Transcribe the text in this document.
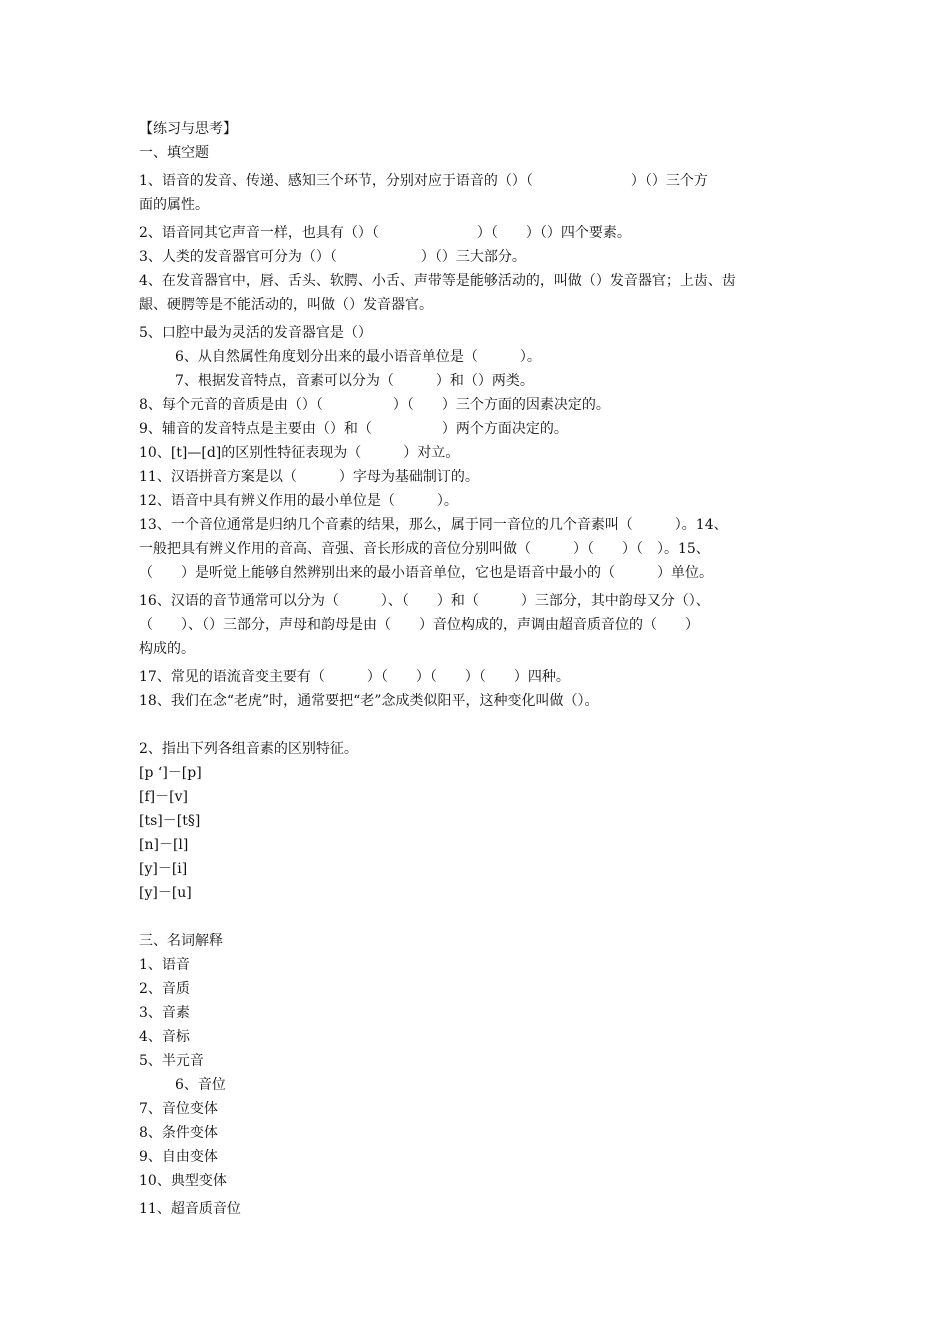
【练习与思考】
一、填空题
1、语音的发音、传递、感知三个环节，分别对应于语音的（）（　　　　　　　）（）三个方
面的属性。
2、语音同其它声音一样，也具有（）（　　　　　　　）（　　）（）四个要素。
3、人类的发音器官可分为（）（　　　　　　）（）三大部分。
4、在发音器官中，唇、舌头、软腭、小舌、声带等是能够活动的，叫做（）发音器官；上齿、齿
龈、硬腭等是不能活动的，叫做（）发音器官。
5、口腔中最为灵活的发音器官是（）
6、从自然属性角度划分出来的最小语音单位是（　　　）。
7、根据发音特点，音素可以分为（　　　）和（）两类。
8、每个元音的音质是由（）（　　　　　）（　　）三个方面的因素决定的。
9、辅音的发音特点是主要由（）和（　　　　　）两个方面决定的。
10、[t]—[d]的区别性特征表现为（　　　）对立。
11、汉语拼音方案是以（　　　）字母为基础制订的。
12、语音中具有辨义作用的最小单位是（　　　）。
13、一个音位通常是归纳几个音素的结果，那么，属于同一音位的几个音素叫（　　　）。14、
一般把具有辨义作用的音高、音强、音长形成的音位分别叫做（　　　）（　　）（　）。15、
（　　）是听觉上能够自然辨别出来的最小语音单位，它也是语音中最小的（　　　）单位。
16、汉语的音节通常可以分为（　　　）、（　　）和（　　　）三部分，其中韵母又分（）、
（　　）、（）三部分，声母和韵母是由（　　）音位构成的，声调由超音质音位的（　　）
构成的。
17、常见的语流音变主要有（　　　）（　　）（　　）（　　）四种。
18、我们在念“老虎”时，通常要把“老”念成类似阳平，这种变化叫做（）。
2、指出下列各组音素的区别特征。
[p ‘]－[p]
[f]－[v]
[ts]－[t§]
[n]－[l]
[y]－[i]
[y]－[u]
三、名词解释
1、语音
2、音质
3、音素
4、音标
5、半元音
6、音位
7、音位变体
8、条件变体
9、自由变体
10、典型变体
11、超音质音位
